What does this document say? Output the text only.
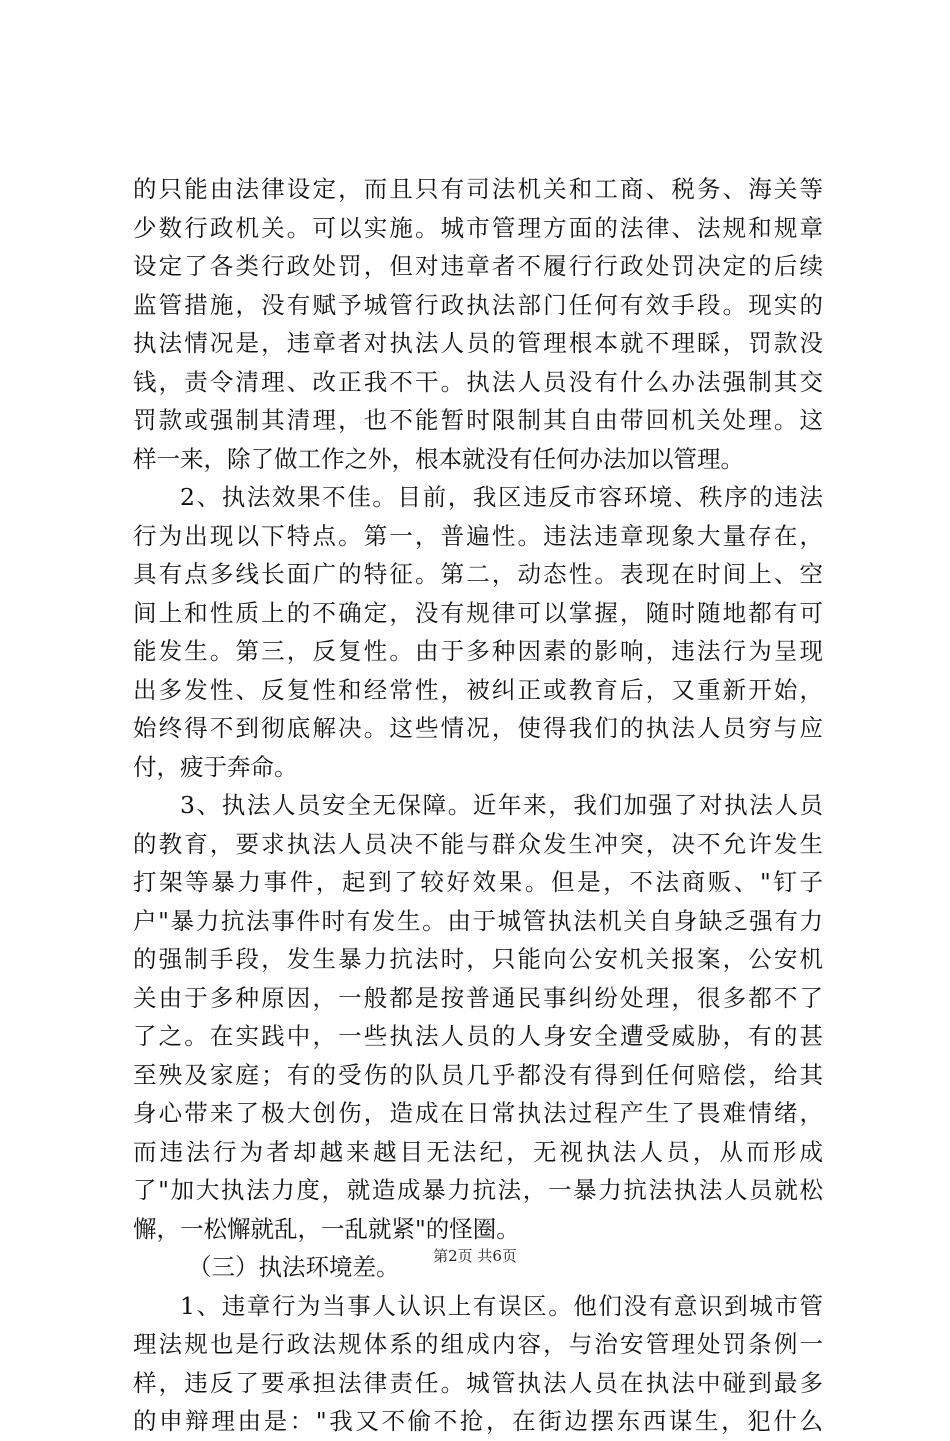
的只能由法律设定，而且只有司法机关和工商、税务、海关等
少数行政机关。可以实施。城市管理方面的法律、法规和规章
设定了各类行政处罚，但对违章者不履行行政处罚决定的后续
监管措施，没有赋予城管行政执法部门任何有效手段。现实的
执法情况是，违章者对执法人员的管理根本就不理睬，罚款没
钱，责令清理、改正我不干。执法人员没有什么办法强制其交
罚款或强制其清理，也不能暂时限制其自由带回机关处理。这
样一来，除了做工作之外，根本就没有任何办法加以管理。
2、执法效果不佳。目前，我区违反市容环境、秩序的违法
行为出现以下特点。第一，普遍性。违法违章现象大量存在，
具有点多线长面广的特征。第二，动态性。表现在时间上、空
间上和性质上的不确定，没有规律可以掌握，随时随地都有可
能发生。第三，反复性。由于多种因素的影响，违法行为呈现
出多发性、反复性和经常性，被纠正或教育后，又重新开始，
始终得不到彻底解决。这些情况，使得我们的执法人员穷与应
付，疲于奔命。
3、执法人员安全无保障。近年来，我们加强了对执法人员
的教育，要求执法人员决不能与群众发生冲突，决不允许发生
打架等暴力事件，起到了较好效果。但是，不法商贩、"钉子
户"暴力抗法事件时有发生。由于城管执法机关自身缺乏强有力
的强制手段，发生暴力抗法时，只能向公安机关报案，公安机
关由于多种原因，一般都是按普通民事纠纷处理，很多都不了
了之。在实践中，一些执法人员的人身安全遭受威胁，有的甚
至殃及家庭；有的受伤的队员几乎都没有得到任何赔偿，给其
身心带来了极大创伤，造成在日常执法过程产生了畏难情绪，
而违法行为者却越来越目无法纪，无视执法人员，从而形成
了"加大执法力度，就造成暴力抗法，一暴力抗法执法人员就松
懈，一松懈就乱，一乱就紧"的怪圈。
（三）执法环境差。
1、违章行为当事人认识上有误区。他们没有意识到城市管
理法规也是行政法规体系的组成内容，与治安管理处罚条例一
样，违反了要承担法律责任。城管执法人员在执法中碰到最多
的申辩理由是："我又不偷不抢，在街边摆东西谋生，犯什么
第2页 共6页
